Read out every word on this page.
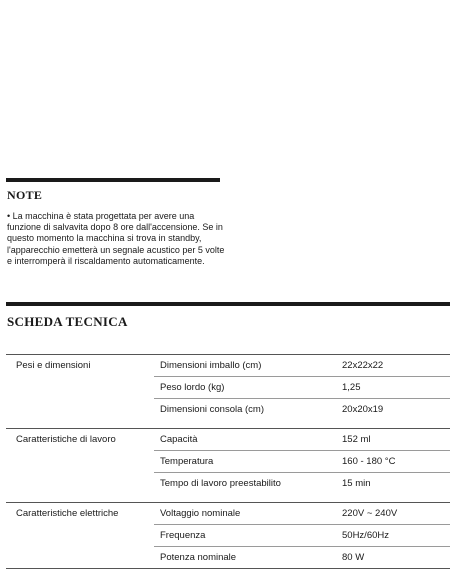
NOTE
• La macchina è stata progettata per avere una funzione di salvavita dopo 8 ore dall'accensione. Se in questo momento la macchina si trova in standby, l'apparecchio emetterà un segnale acustico per 5 volte e interromperà il riscaldamento automaticamente.
SCHEDA TECNICA
Pesi e dimensioni	Dimensioni imballo (cm)	22x22x22
Peso lordo (kg)	1,25
Dimensioni consola (cm)	20x20x19
Caratteristiche di lavoro	Capacità	152 ml
Temperatura	160 - 180 °C
Tempo di lavoro preestabilito	15 min
Caratteristiche elettriche	Voltaggio nominale	220V ~ 240V
Frequenza	50Hz/60Hz
Potenza nominale	80 W
